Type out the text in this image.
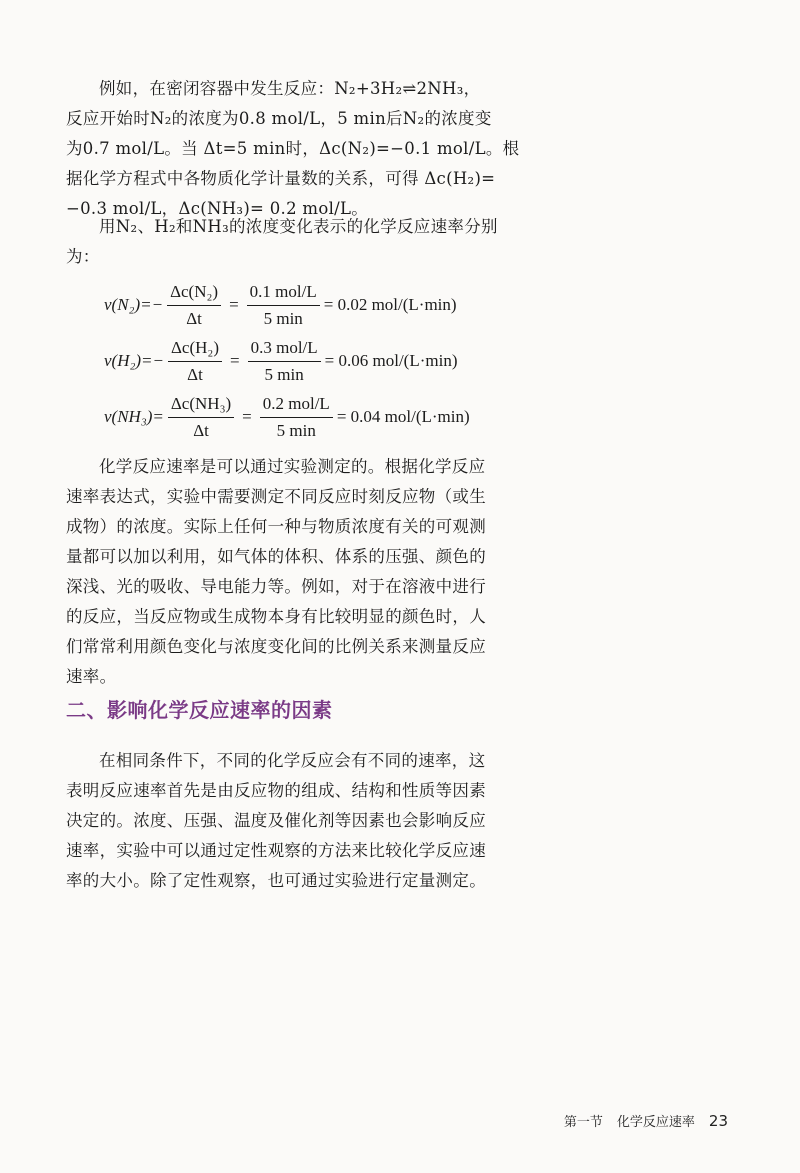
例如，在密闭容器中发生反应：N₂+3H₂⇌2NH₃，
反应开始时N₂的浓度为0.8 mol/L，5 min后N₂的浓度变
为0.7 mol/L。当 Δt=5 min时，Δc(N₂)=−0.1 mol/L。根
据化学方程式中各物质化学计量数的关系，可得 Δc(H₂)=
−0.3 mol/L，Δc(NH₃)= 0.2 mol/L。

用N₂、H₂和NH₃的浓度变化表示的化学反应速率分别
为：

$v(N_2)=- \frac{\text{Δc(N₂)}}{\Delta t} = \frac{\text{0.1 mol/L}}{5 \min} = 0.02$ mol/(L·min)
$v(H_2)=- \frac{\text{Δc(H₂)}}{\Delta t} = \frac{\text{0.3 mol/L}}{5 \min} = 0.06$ mol/(L·min)
$v(NH_3)= \frac{\text{Δc(NH₃)}}{\Delta t} = \frac{\text{0.2 mol/L}}{5 \min} = 0.04$ mol/(L·min)

化学反应速率是可以通过实验测定的。根据化学反应
速率表达式，实验中需要测定不同反应时刻反应物（或生
成物）的浓度。实际上任何一种与物质浓度有关的可观测
量都可以加以利用，如气体的体积、体系的压强、颜色的
深浅、光的吸收、导电能力等。例如，对于在溶液中进行
的反应，当反应物或生成物本身有比较明显的颜色时，人
们常常利用颜色变化与浓度变化间的比例关系来测量反应
速率。

二、影响化学反应速率的因素

在相同条件下，不同的化学反应会有不同的速率，这
表明反应速率首先是由反应物的组成、结构和性质等因素
决定的。浓度、压强、温度及催化剂等因素也会影响反应
速率，实验中可以通过定性观察的方法来比较化学反应速
率的大小。除了定性观察，也可通过实验进行定量测定。

第一节 化学反应速率 23
